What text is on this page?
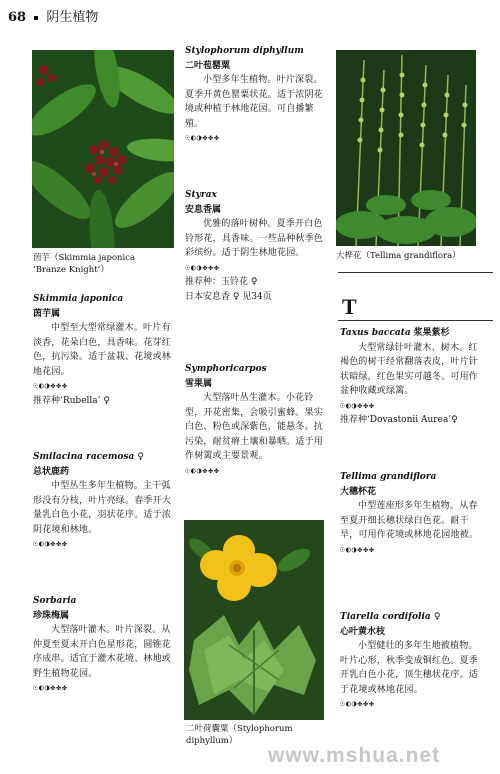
68 阴生植物
茵芋（Skimmia japonica
‘Branze Knight’）
Skimmia japonica
茵芋属
中型至大型常绿灌木。叶片有淡香，花朵白色，具香味。花芽红色，抗污染。适于盆栽、花境或林地花园。
☉◐◑✤✤✤
推荐种‘Rubella’ ♀
Smilacina racemosa ♀
总状鹿药
中型丛生多年生植物。主干弧形没有分枝，叶片亮绿。春季开大量乳白色小花，羽状花序。适于浓阴花境和林地。
☉◐◑✤✤✤
Sorbaria
珍珠梅属
大型落叶灌木。叶片深裂。从仲夏至夏末开白色星形花，圆锥花序成串。适宜于灌木花境、林地或野生植物花园。
☉◐◑✤✤✤
Stylophorum diphyllum
二叶苞罂粟
小型多年生植物。叶片深裂。夏季开黄色罂粟状花。适于浓阴花境或种植于林地花园。可自播繁殖。
☉◐◑✤✤✤
Styrax
安息香属
优雅的落叶树种。夏季开白色铃形花，具香味。一些品种秋季色彩缤纷。适于阴生林地花园。
☉◐◑✤✤✤
推荐种：玉铃花 ♀
日本安息香 ♀ 见34页
Symphoricarpos
雪果属
大型落叶丛生灌木。小花铃型，开花密集，会吸引蜜蜂。果实白色、粉色或深紫色，能悬冬。抗污染，耐贫瘠土壤和暴晒。适于用作树篱或主要景观。
☉◐◑✤✤✤
二叶荷囊粟（Stylophorum
diphyllum）
大桦花（Tellima grandiflora）
T
Taxus baccata 浆果紫杉
大型常绿针叶灌木、树木。红褐色的树干经常翻落表皮，叶片针状暗绿，红色果实可越冬。可用作盆种收藏或绿篱。
☉◐◑✤✤✤
推荐种‘Dovastonii Aurea’♀
Tellima grandiflora
大穗杯花
中型莲座形多年生植物。从春至夏开细长穗状绿白色花。耐干旱，可用作花境或林地花园地被。
☉◐◑✤✤✤
Tiarella cordifolia ♀
心叶黄水枝
小型健壮的多年生地被植物。叶片心形，秋季变成铜红色。夏季开乳白色小花，顶生穗状花序。适于花境或林地花园。
☉◐◑✤✤✤
www.mshua.net
